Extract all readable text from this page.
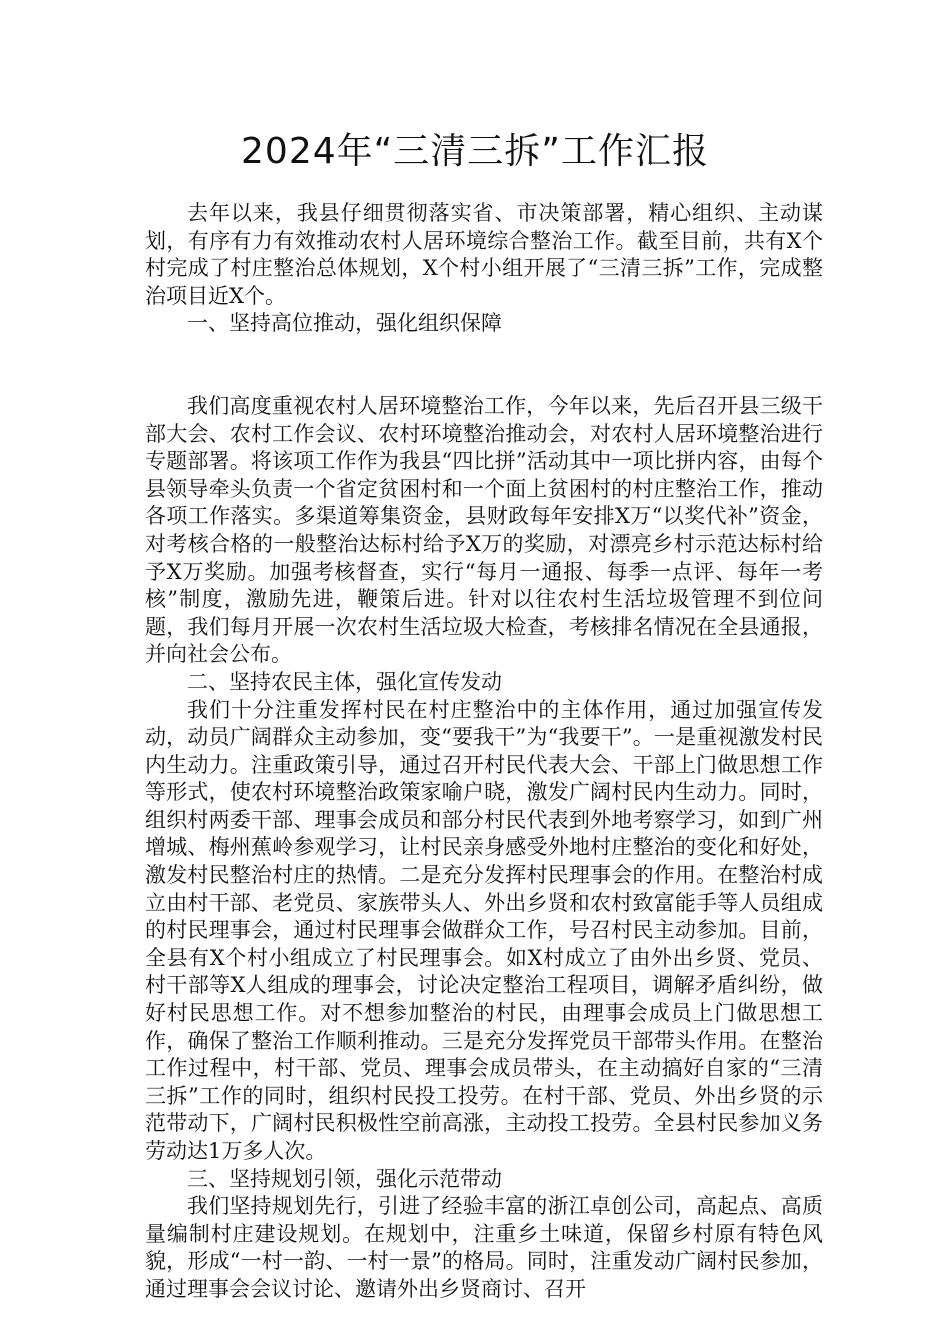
2024年“三清三拆”工作汇报

去年以来，我县仔细贯彻落实省、市决策部署，精心组织、主动谋划，有序有力有效推动农村人居环境综合整治工作。截至目前，共有X个村完成了村庄整治总体规划，X个村小组开展了“三清三拆”工作，完成整治项目近X个。

一、坚持高位推动，强化组织保障

我们高度重视农村人居环境整治工作，今年以来，先后召开县三级干部大会、农村工作会议、农村环境整治推动会，对农村人居环境整治进行专题部署。将该项工作作为我县“四比拼”活动其中一项比拼内容，由每个县领导牵头负责一个省定贫困村和一个面上贫困村的村庄整治工作，推动各项工作落实。多渠道筹集资金，县财政每年安排X万“以奖代补”资金，对考核合格的一般整治达标村给予X万的奖励，对漂亮乡村示范达标村给予X万奖励。加强考核督查，实行“每月一通报、每季一点评、每年一考核”制度，激励先进，鞭策后进。针对以往农村生活垃圾管理不到位问题，我们每月开展一次农村生活垃圾大检查，考核排名情况在全县通报，并向社会公布。

二、坚持农民主体，强化宣传发动

我们十分注重发挥村民在村庄整治中的主体作用，通过加强宣传发动，动员广阔群众主动参加，变“要我干”为“我要干”。一是重视激发村民内生动力。注重政策引导，通过召开村民代表大会、干部上门做思想工作等形式，使农村环境整治政策家喻户晓，激发广阔村民内生动力。同时，组织村两委干部、理事会成员和部分村民代表到外地考察学习，如到广州增城、梅州蕉岭参观学习，让村民亲身感受外地村庄整治的变化和好处，激发村民整治村庄的热情。二是充分发挥村民理事会的作用。在整治村成立由村干部、老党员、家族带头人、外出乡贤和农村致富能手等人员组成的村民理事会，通过村民理事会做群众工作，号召村民主动参加。目前，全县有X个村小组成立了村民理事会。如X村成立了由外出乡贤、党员、村干部等X人组成的理事会，讨论决定整治工程项目，调解矛盾纠纷，做好村民思想工作。对不想参加整治的村民，由理事会成员上门做思想工作，确保了整治工作顺利推动。三是充分发挥党员干部带头作用。在整治工作过程中，村干部、党员、理事会成员带头，在主动搞好自家的“三清三拆”工作的同时，组织村民投工投劳。在村干部、党员、外出乡贤的示范带动下，广阔村民积极性空前高涨，主动投工投劳。全县村民参加义务劳动达1万多人次。

三、坚持规划引领，强化示范带动

我们坚持规划先行，引进了经验丰富的浙江卓创公司，高起点、高质量编制村庄建设规划。在规划中，注重乡土味道，保留乡村原有特色风貌，形成“一村一韵、一村一景”的格局。同时，注重发动广阔村民参加，通过理事会会议讨论、邀请外出乡贤商讨、召开
